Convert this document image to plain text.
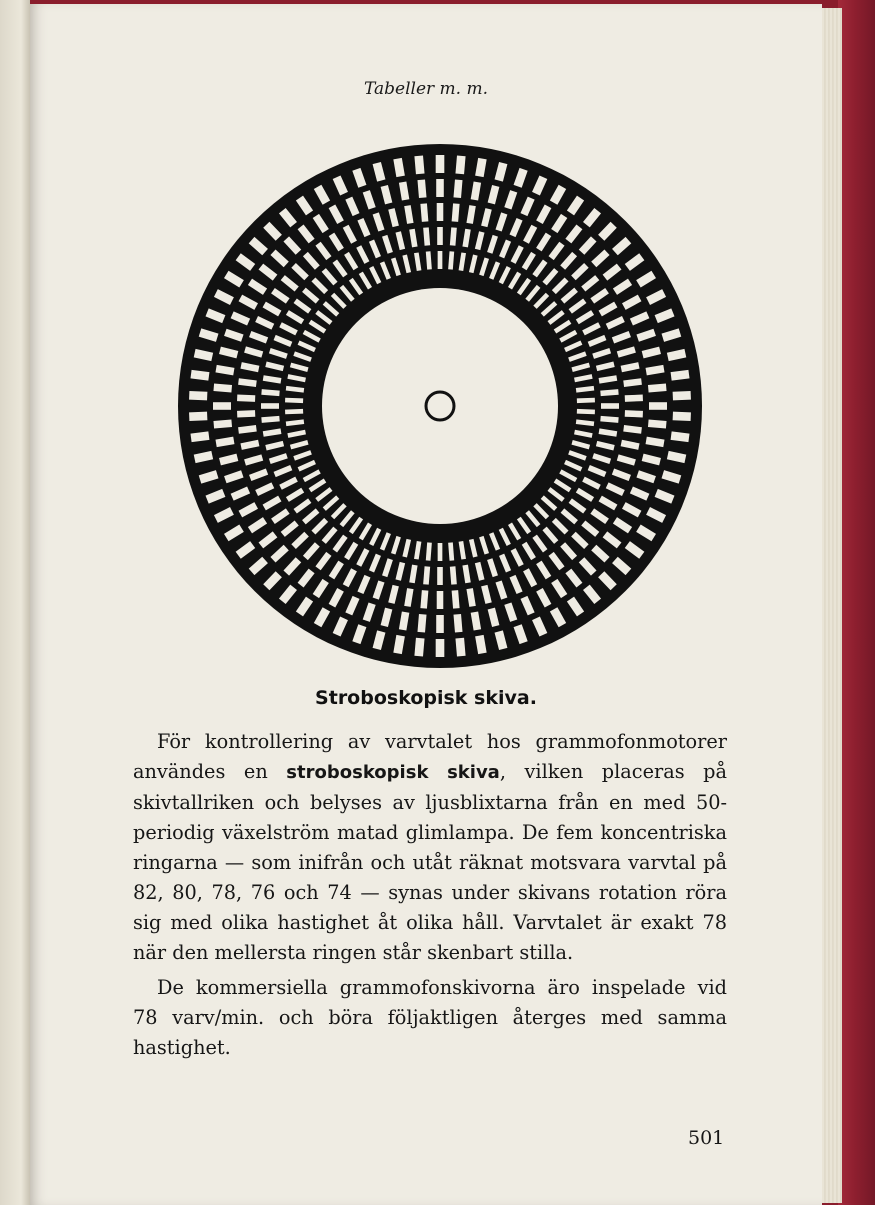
Tabeller m. m.
Stroboskopisk skiva.

För kontrollering av varvtalet hos grammofonmotorer användes en stroboskopisk skiva, vilken placeras på skivtallriken och belyses av ljusblixtarna från en med 50-periodig växelström matad glimlampa. De fem koncentriska ringarna — som inifrån och utåt räknat motsvara varvtal på 82, 80, 78, 76 och 74 — synas under skivans rotation röra sig med olika hastighet åt olika håll. Varvtalet är exakt 78 när den mellersta ringen står skenbart stilla.

De kommersiella grammofonskivorna äro inspelade vid 78 varv/min. och böra följaktligen återges med samma hastighet.

501
